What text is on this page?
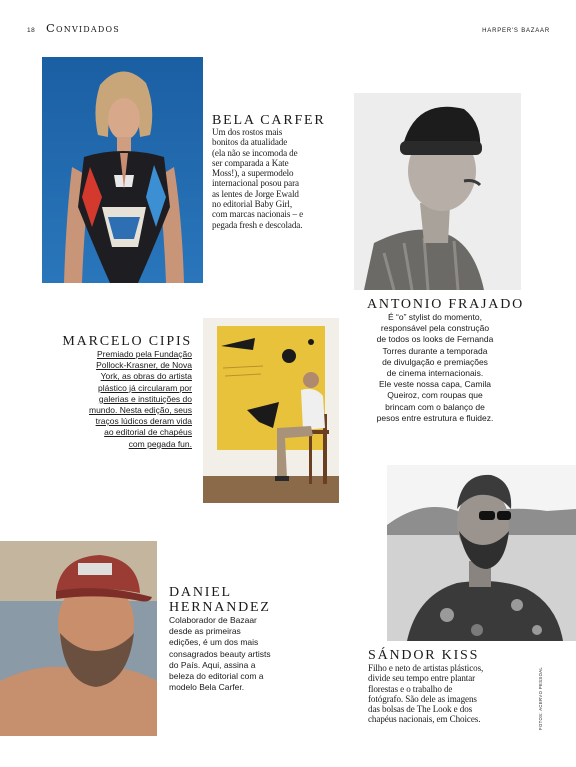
18 Convidados	HARPER'S BAZAAR
BELA CARFER
Um dos rostos mais
bonitos da atualidade
(ela não se incomoda de
ser comparada a Kate
Moss!), a supermodelo
internacional posou para
as lentes de Jorge Ewald
no editorial Baby Girl,
com marcas nacionais – e
pegada fresh e descolada.
ANTONIO FRAJADO
É “o” stylist do momento,
responsável pela construção
de todos os looks de Fernanda
Torres durante a temporada
de divulgação e premiações
de cinema internacionais.
Ele veste nossa capa, Camila
Queiroz, com roupas que
brincam com o balanço de
pesos entre estrutura e fluidez.
MARCELO CIPIS
Premiado pela Fundação
Pollock-Krasner, de Nova
York, as obras do artista
plástico já circularam por
galerias e instituições do
mundo. Nesta edição, seus
traços lúdicos deram vida
ao editorial de chapéus
com pegada fun.
DANIEL
HERNANDEZ
Colaborador de Bazaar
desde as primeiras
edições, é um dos mais
consagrados beauty artists
do País. Aqui, assina a
beleza do editorial com a
modelo Bela Carfer.
SÁNDOR KISS
Filho e neto de artistas plásticos,
divide seu tempo entre plantar
florestas e o trabalho de
fotógrafo. São dele as imagens
das bolsas de The Look e dos
chapéus nacionais, em Choices.	FOTOS: ACERVO PESSOAL
